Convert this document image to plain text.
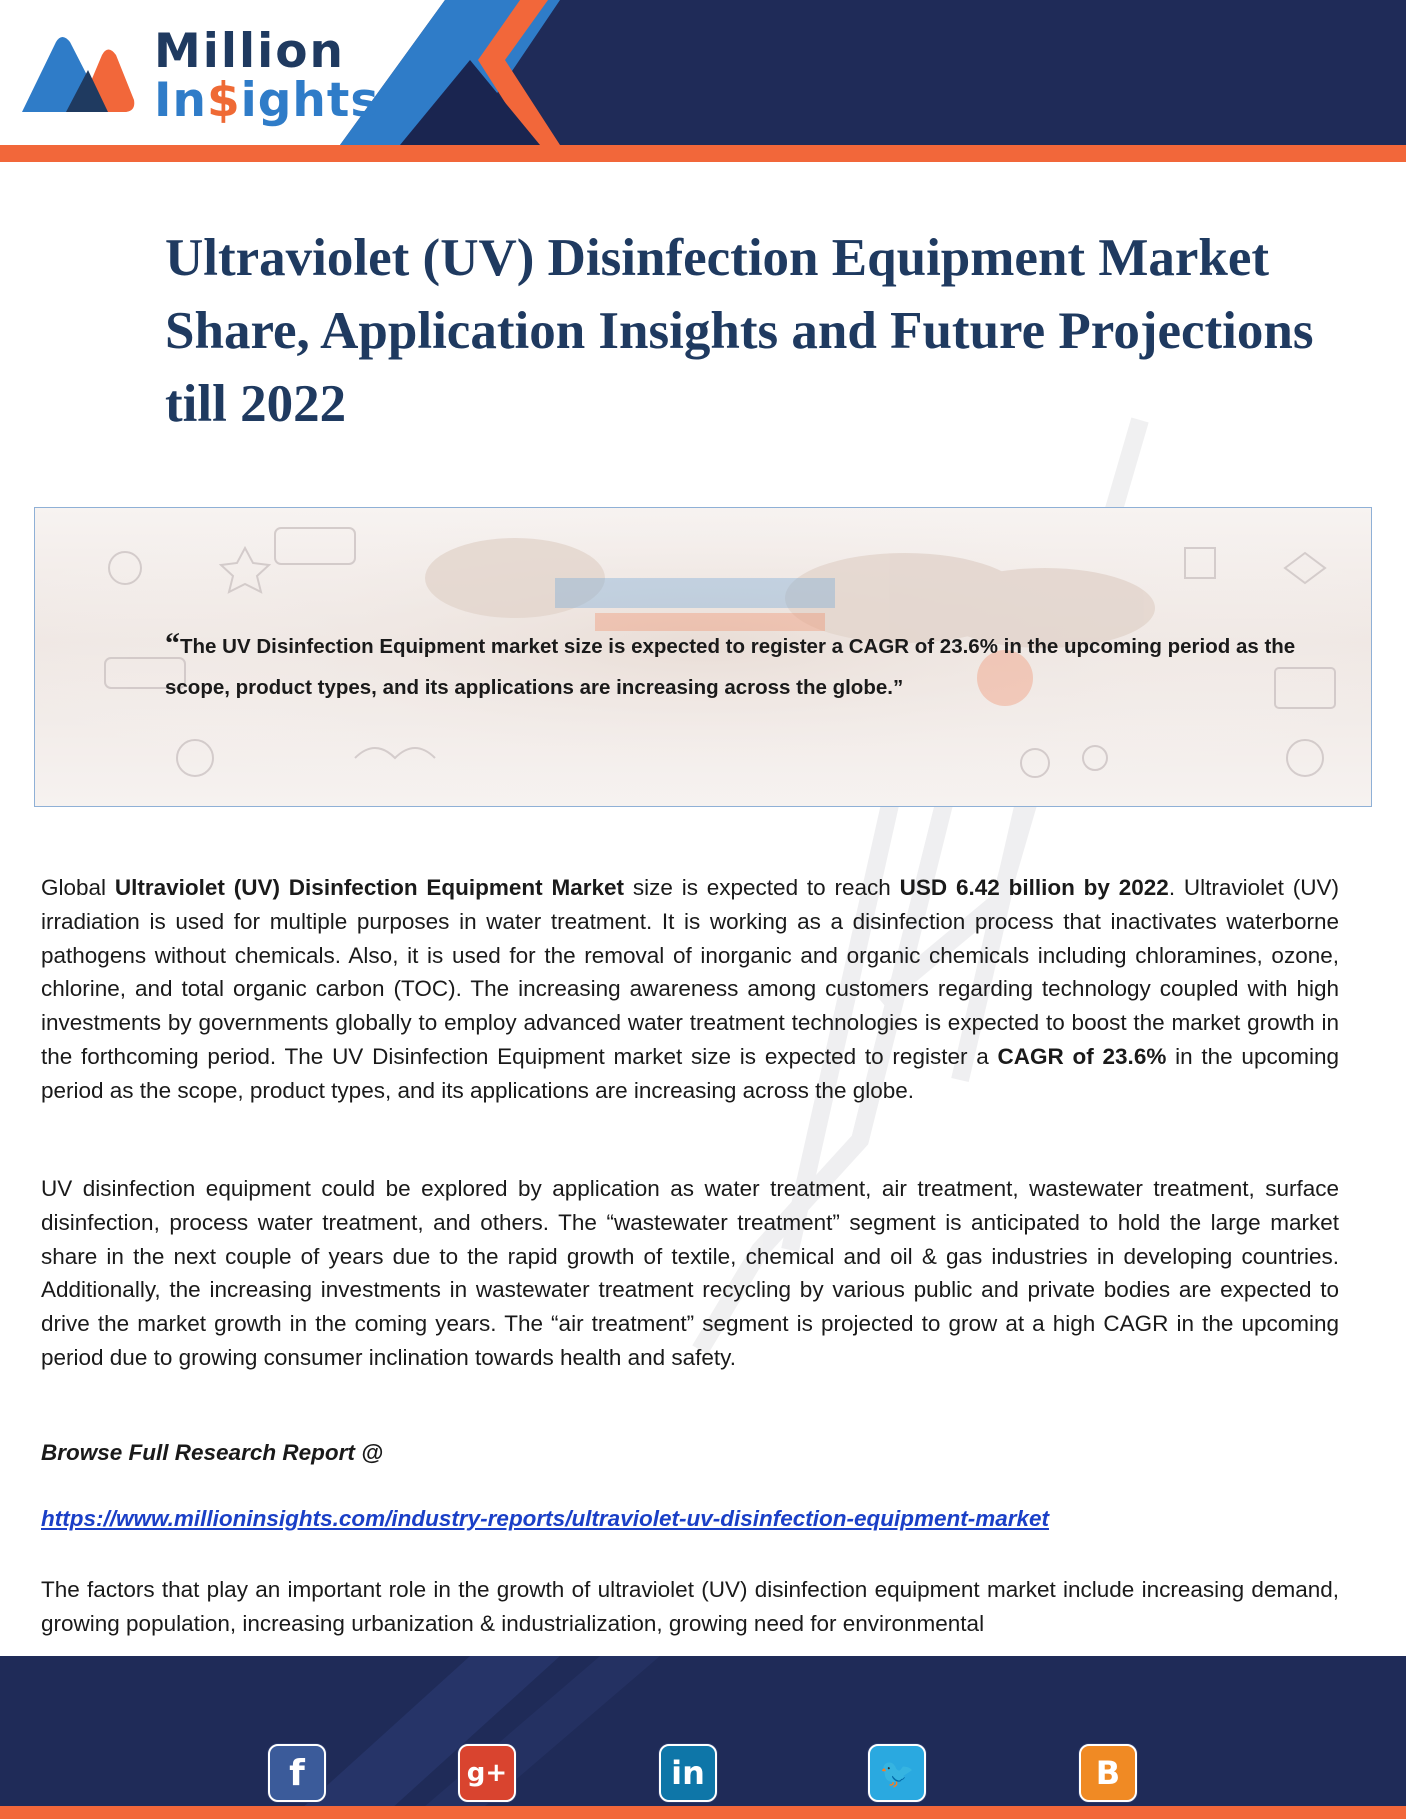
Million
In$ights
Ultraviolet (UV) Disinfection Equipment Market Share, Application Insights and Future Projections till 2022

“The UV Disinfection Equipment market size is expected to register a CAGR of 23.6% in the upcoming period as the scope, product types, and its applications are increasing across the globe.”

Global Ultraviolet (UV) Disinfection Equipment Market size is expected to reach USD 6.42 billion by 2022. Ultraviolet (UV) irradiation is used for multiple purposes in water treatment. It is working as a disinfection process that inactivates waterborne pathogens without chemicals. Also, it is used for the removal of inorganic and organic chemicals including chloramines, ozone, chlorine, and total organic carbon (TOC). The increasing awareness among customers regarding technology coupled with high investments by governments globally to employ advanced water treatment technologies is expected to boost the market growth in the forthcoming period. The UV Disinfection Equipment market size is expected to register a CAGR of 23.6% in the upcoming period as the scope, product types, and its applications are increasing across the globe.

UV disinfection equipment could be explored by application as water treatment, air treatment, wastewater treatment, surface disinfection, process water treatment, and others. The “wastewater treatment” segment is anticipated to hold the large market share in the next couple of years due to the rapid growth of textile, chemical and oil & gas industries in developing countries. Additionally, the increasing investments in wastewater treatment recycling by various public and private bodies are expected to drive the market growth in the coming years. The “air treatment” segment is projected to grow at a high CAGR in the upcoming period due to growing consumer inclination towards health and safety.

Browse Full Research Report @

https://www.millioninsights.com/industry-reports/ultraviolet-uv-disinfection-equipment-market

The factors that play an important role in the growth of ultraviolet (UV) disinfection equipment market include increasing demand, growing population, increasing urbanization & industrialization, growing need for environmental

f	g+	in	🐦	B
